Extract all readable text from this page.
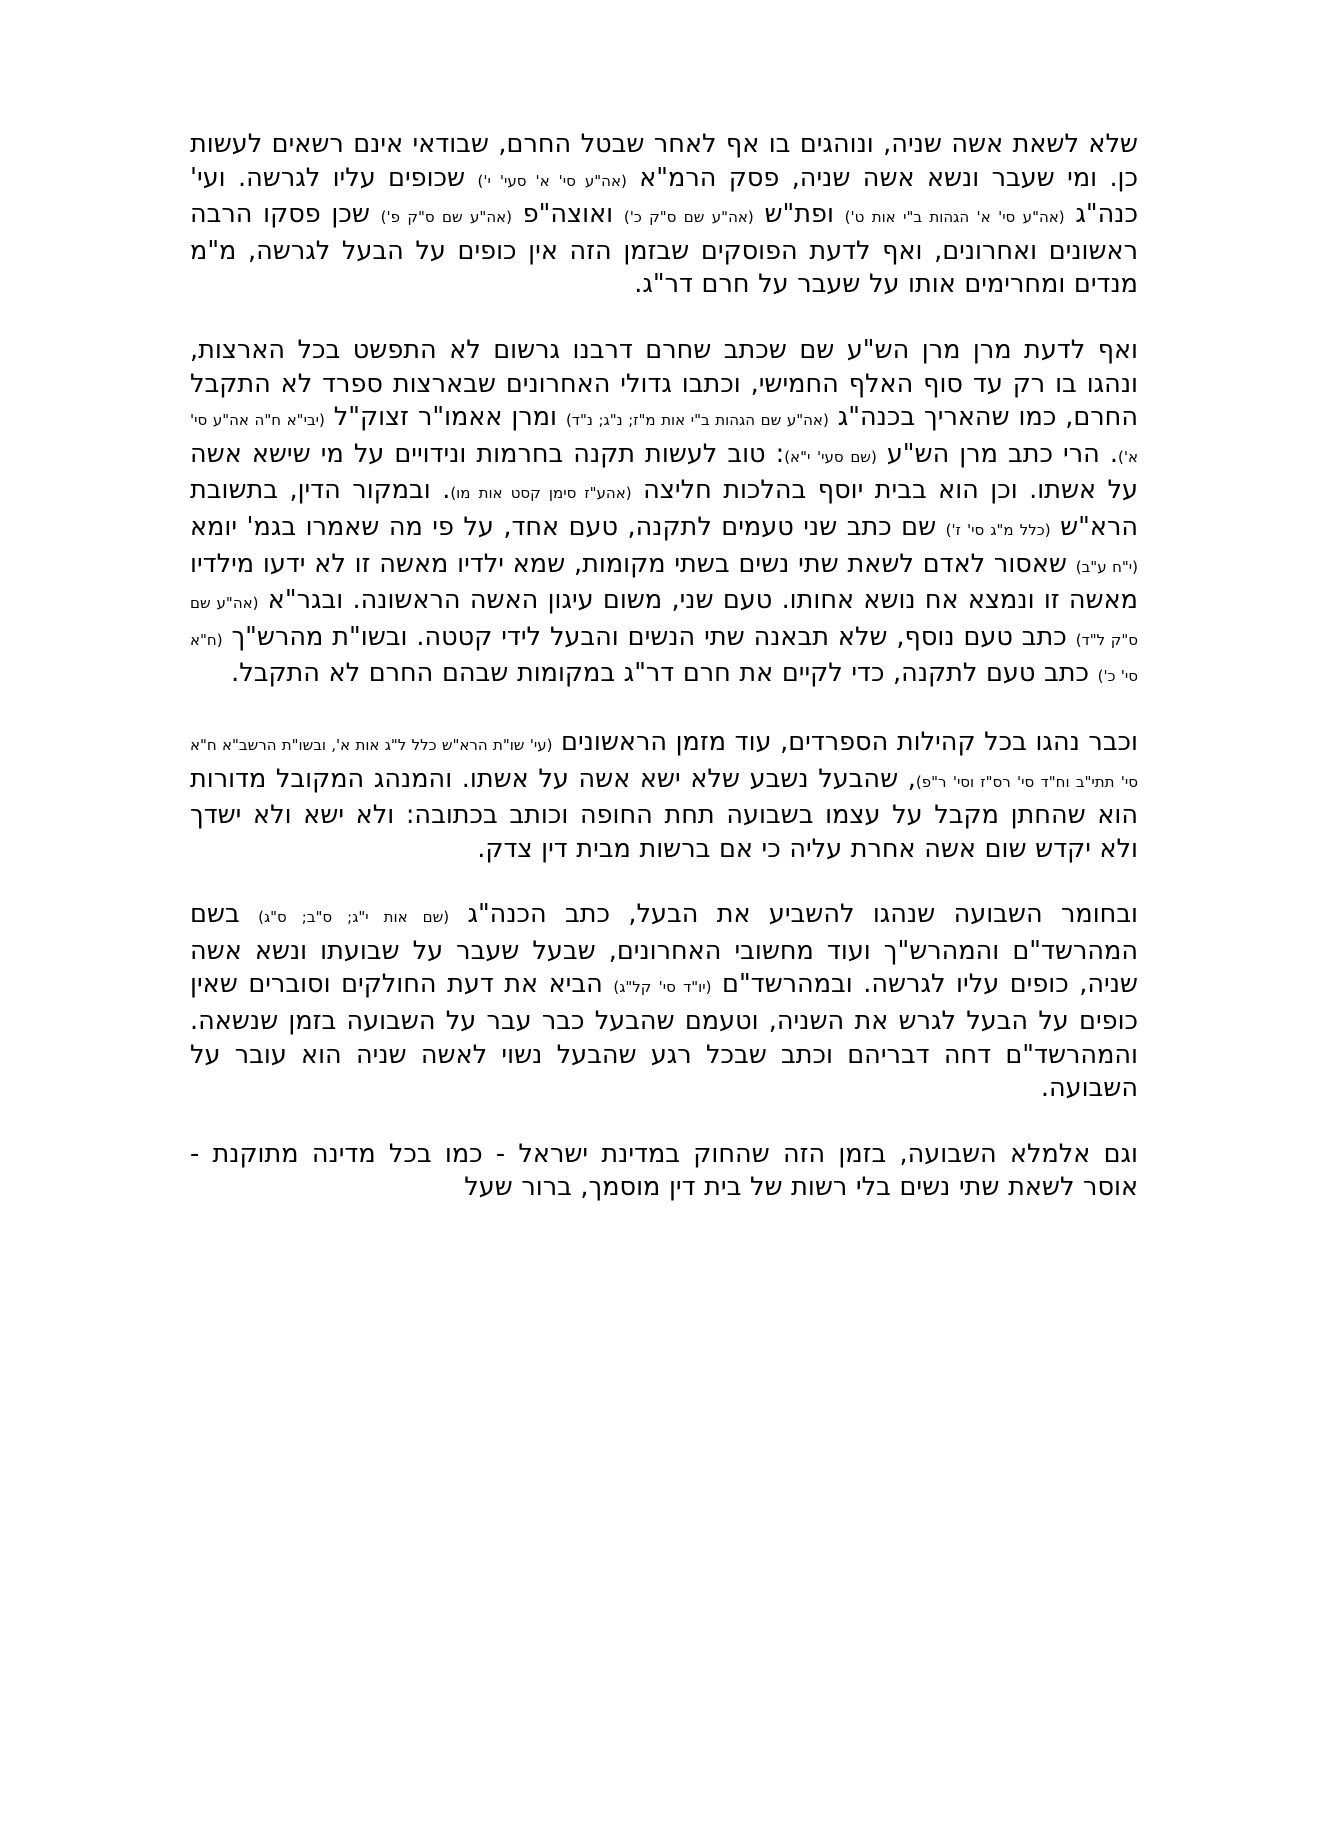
שלא לשאת אשה שניה, ונוהגים בו אף לאחר שבטל החרם, שבודאי אינם רשאים לעשות כן. ומי שעבר ונשא אשה שניה, פסק הרמ"א (אה"ע סי' א' סעי' י') שכופים עליו לגרשה. ועי' כנה"ג (אה"ע סי' א' הגהות ב"י אות ט') ופת"ש (אה"ע שם ס"ק כ') ואוצה"פ (אה"ע שם ס"ק פ') שכן פסקו הרבה ראשונים ואחרונים, ואף לדעת הפוסקים שבזמן הזה אין כופים על הבעל לגרשה, מ"מ מנדים ומחרימים אותו על שעבר על חרם דר"ג.

ואף לדעת מרן מרן הש"ע שם שכתב שחרם דרבנו גרשום לא התפשט בכל הארצות, ונהגו בו רק עד סוף האלף החמישי, וכתבו גדולי האחרונים שבארצות ספרד לא התקבל החרם, כמו שהאריך בכנה"ג (אה"ע שם הגהות ב"י אות מ"ז; נ"ג; נ"ד) ומרן אאמו"ר זצוק"ל (יבי"א ח"ה אה"ע סי' א'). הרי כתב מרן הש"ע (שם סעי' י"א): טוב לעשות תקנה בחרמות ונידויים על מי שישא אשה על אשתו. וכן הוא בבית יוסף בהלכות חליצה (אהע"ז סימן קסט אות מו). ובמקור הדין, בתשובת הרא"ש (כלל מ"ג סי' ז') שם כתב שני טעמים לתקנה, טעם אחד, על פי מה שאמרו בגמ' יומא (י"ח ע"ב) שאסור לאדם לשאת שתי נשים בשתי מקומות, שמא ילדיו מאשה זו לא ידעו מילדיו מאשה זו ונמצא אח נושא אחותו. טעם שני, משום עיגון האשה הראשונה. ובגר"א (אה"ע שם ס"ק ל"ד) כתב טעם נוסף, שלא תבאנה שתי הנשים והבעל לידי קטטה. ובשו"ת מהרש"ך (ח"א סי' כ') כתב טעם לתקנה, כדי לקיים את חרם דר"ג במקומות שבהם החרם לא התקבל.

וכבר נהגו בכל קהילות הספרדים, עוד מזמן הראשונים (עי' שו"ת הרא"ש כלל ל"ג אות א', ובשו"ת הרשב"א ח"א סי' תתי"ב וח"ד סי' רס"ז וסי' ר"פ), שהבעל נשבע שלא ישא אשה על אשתו. והמנהג המקובל מדורות הוא שהחתן מקבל על עצמו בשבועה תחת החופה וכותב בכתובה: ולא ישא ולא ישדך ולא יקדש שום אשה אחרת עליה כי אם ברשות מבית דין צדק.

ובחומר השבועה שנהגו להשביע את הבעל, כתב הכנה"ג (שם אות י"ג; ס"ב; ס"ג) בשם המהרשד"ם והמהרש"ך ועוד מחשובי האחרונים, שבעל שעבר על שבועתו ונשא אשה שניה, כופים עליו לגרשה. ובמהרשד"ם (יו"ד סי' קל"ג) הביא את דעת החולקים וסוברים שאין כופים על הבעל לגרש את השניה, וטעמם שהבעל כבר עבר על השבועה בזמן שנשאה. והמהרשד"ם דחה דבריהם וכתב שבכל רגע שהבעל נשוי לאשה שניה הוא עובר על השבועה.

וגם אלמלא השבועה, בזמן הזה שהחוק במדינת ישראל - כמו בכל מדינה מתוקנת - אוסר לשאת שתי נשים בלי רשות של בית דין מוסמך, ברור שעל
